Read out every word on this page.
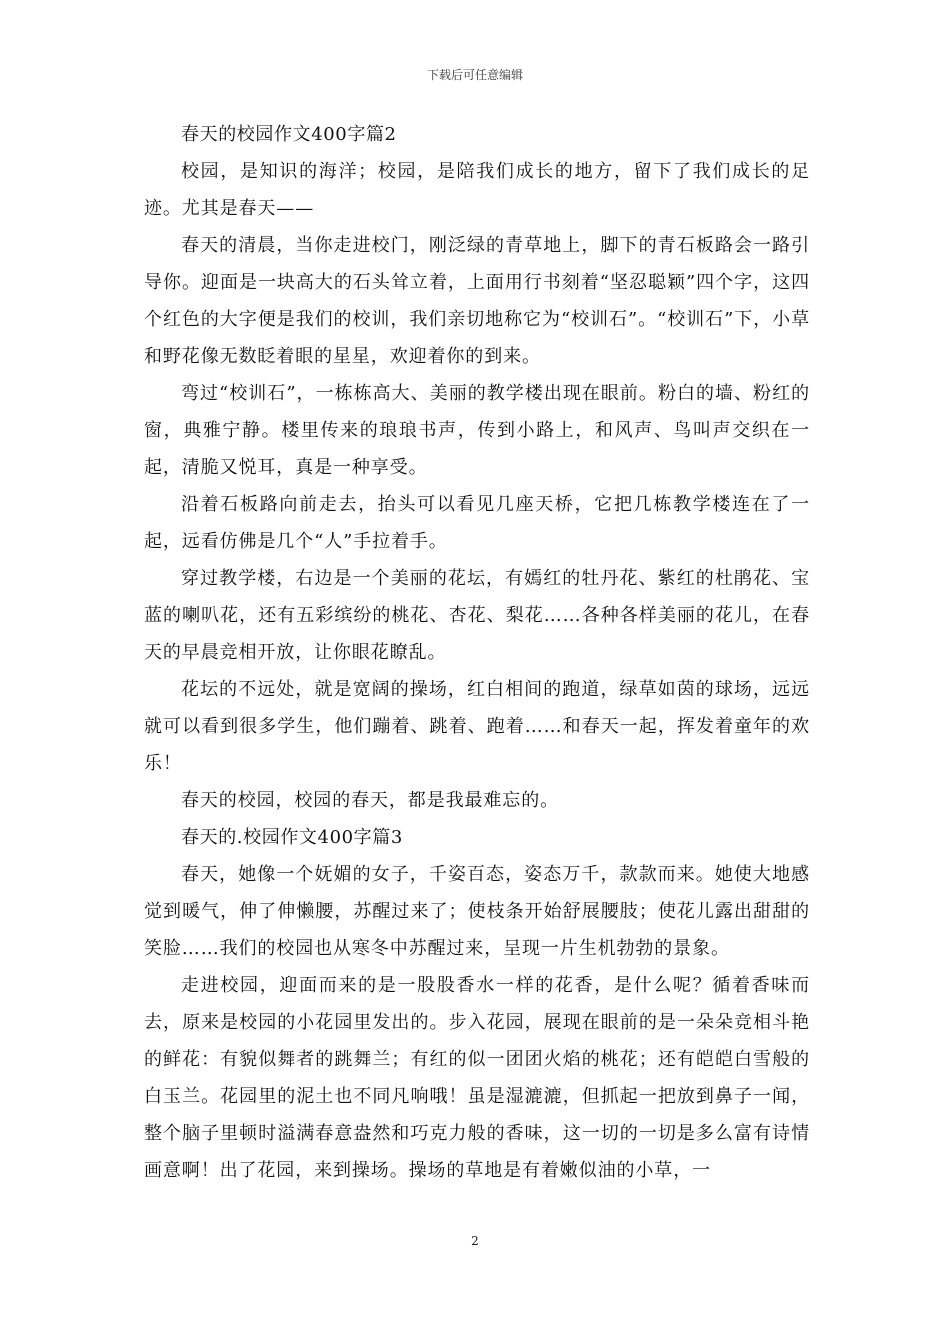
下载后可任意编辑

春天的校园作文400字篇2

校园，是知识的海洋；校园，是陪我们成长的地方，留下了我们成长的足迹。尤其是春天——

春天的清晨，当你走进校门，刚泛绿的青草地上，脚下的青石板路会一路引导你。迎面是一块高大的石头耸立着，上面用行书刻着“坚忍聪颖”四个字，这四个红色的大字便是我们的校训，我们亲切地称它为“校训石”。“校训石”下，小草和野花像无数眨着眼的星星，欢迎着你的到来。

弯过“校训石”，一栋栋高大、美丽的教学楼出现在眼前。粉白的墙、粉红的窗，典雅宁静。楼里传来的琅琅书声，传到小路上，和风声、鸟叫声交织在一起，清脆又悦耳，真是一种享受。

沿着石板路向前走去，抬头可以看见几座天桥，它把几栋教学楼连在了一起，远看仿佛是几个“人”手拉着手。

穿过教学楼，右边是一个美丽的花坛，有嫣红的牡丹花、紫红的杜鹃花、宝蓝的喇叭花，还有五彩缤纷的桃花、杏花、梨花……各种各样美丽的花儿，在春天的早晨竞相开放，让你眼花瞭乱。

花坛的不远处，就是宽阔的操场，红白相间的跑道，绿草如茵的球场，远远就可以看到很多学生，他们蹦着、跳着、跑着……和春天一起，挥发着童年的欢乐！

春天的校园，校园的春天，都是我最难忘的。

春天的.校园作文400字篇3

春天，她像一个妩媚的女子，千姿百态，姿态万千，款款而来。她使大地感觉到暖气，伸了伸懒腰，苏醒过来了；使枝条开始舒展腰肢；使花儿露出甜甜的笑脸……我们的校园也从寒冬中苏醒过来，呈现一片生机勃勃的景象。

走进校园，迎面而来的是一股股香水一样的花香，是什么呢？循着香味而去，原来是校园的小花园里发出的。步入花园，展现在眼前的是一朵朵竞相斗艳的鲜花：有貌似舞者的跳舞兰；有红的似一团团火焰的桃花；还有皑皑白雪般的白玉兰。花园里的泥土也不同凡响哦！虽是湿漉漉，但抓起一把放到鼻子一闻，整个脑子里顿时溢满春意盎然和巧克力般的香味，这一切的一切是多么富有诗情画意啊！出了花园，来到操场。操场的草地是有着嫩似油的小草，一

2
